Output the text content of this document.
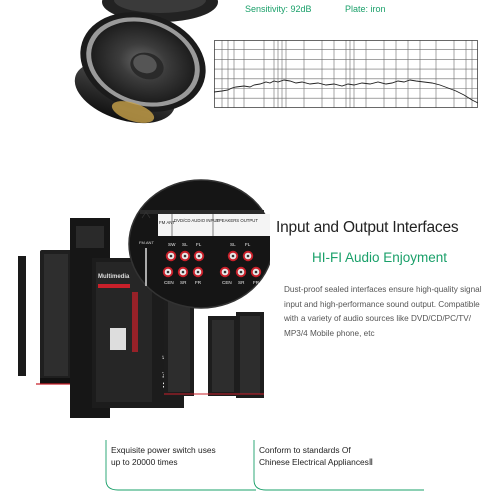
Sensitivity: 92dB	Plate: iron
Multimedia
FM ANT
DVD/CD AUDIO INPUT
SPEAKERS OUTPUT
FM.ANT	SW SL FL	SL FL
CEN SR FR	CEN SR FR
Input and Output Interfaces
HI-FI Audio Enjoyment
Dust-proof sealed interfaces ensure high-quality signal input and high-performance sound output. Compatible with a variety of audio sources like DVD/CD/PC/TV/ MP3/4 Mobile phone, etc
Exquisite power switch uses
up to 20000 times
Conform to standards Of
Chinese Electrical AppliancesⅡ
